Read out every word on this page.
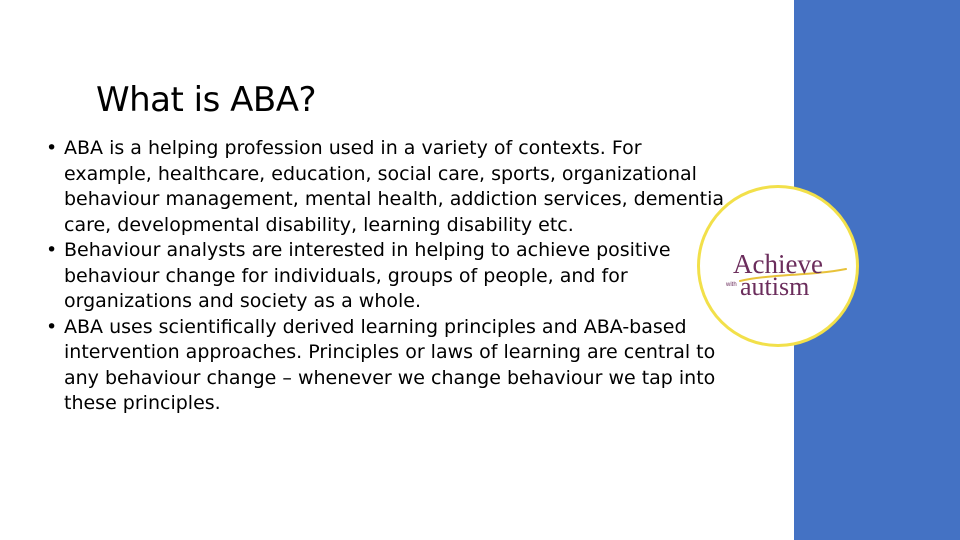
What is ABA?
• ABA is a helping profession used in a variety of contexts. For example, healthcare, education, social care, sports, organizational behaviour management, mental health, addiction services, dementia care, developmental disability, learning disability etc.
• Behaviour analysts are interested in helping to achieve positive behaviour change for individuals, groups of people, and for organizations and society as a whole.
• ABA uses scientifically derived learning principles and ABA-based intervention approaches. Principles or laws of learning are central to any behaviour change – whenever we change behaviour we tap into these principles.
Achieve
with autism
